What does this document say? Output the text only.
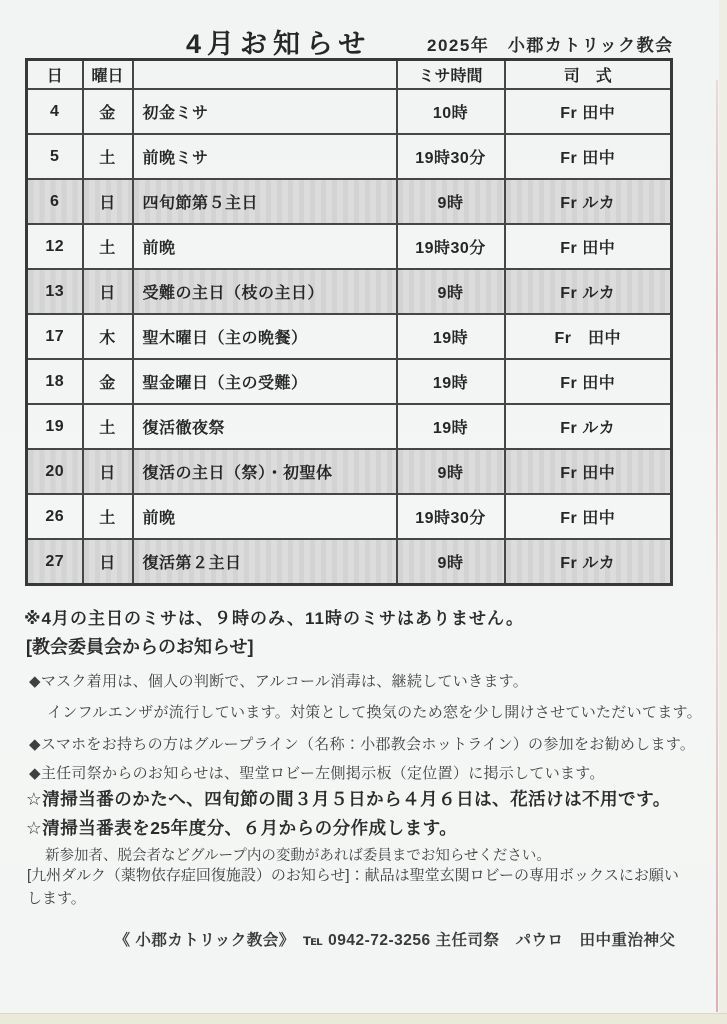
4月お知らせ	2025年　小郡カトリック教会
日	曜日		ミサ時間	司　式
4	金	初金ミサ	10時	Fr 田中
5	土	前晩ミサ	19時30分	Fr 田中
6	日	四旬節第５主日	9時	Fr ルカ
12	土	前晩	19時30分	Fr 田中
13	日	受難の主日（枝の主日）	9時	Fr ルカ
17	木	聖木曜日（主の晩餐）	19時	Fr　田中
18	金	聖金曜日（主の受難）	19時	Fr 田中
19	土	復活徹夜祭	19時	Fr ルカ
20	日	復活の主日（祭）・初聖体	9時	Fr 田中
26	土	前晩	19時30分	Fr 田中
27	日	復活第２主日	9時	Fr ルカ
※4月の主日のミサは、９時のみ、11時のミサはありません。
[教会委員会からのお知らせ]
◆マスク着用は、個人の判断で、アルコール消毒は、継続していきます。
インフルエンザが流行しています。対策として換気のため窓を少し開けさせていただいてます。
◆スマホをお持ちの方はグループライン（名称：小郡教会ホットライン）の参加をお勧めします。
◆主任司祭からのお知らせは、聖堂ロビー左側掲示板（定位置）に掲示しています。
☆清掃当番のかたへ、四旬節の間３月５日から４月６日は、花活けは不用です。
☆清掃当番表を25年度分、６月からの分作成します。
新参加者、脱会者などグループ内の変動があれば委員までお知らせください。
[九州ダルク（薬物依存症回復施設）のお知らせ]：献品は聖堂玄関ロビーの専用ボックスにお願いします。
《 小郡カトリック教会》　℡ 0942-72-3256 主任司祭　パウロ　田中重治神父
